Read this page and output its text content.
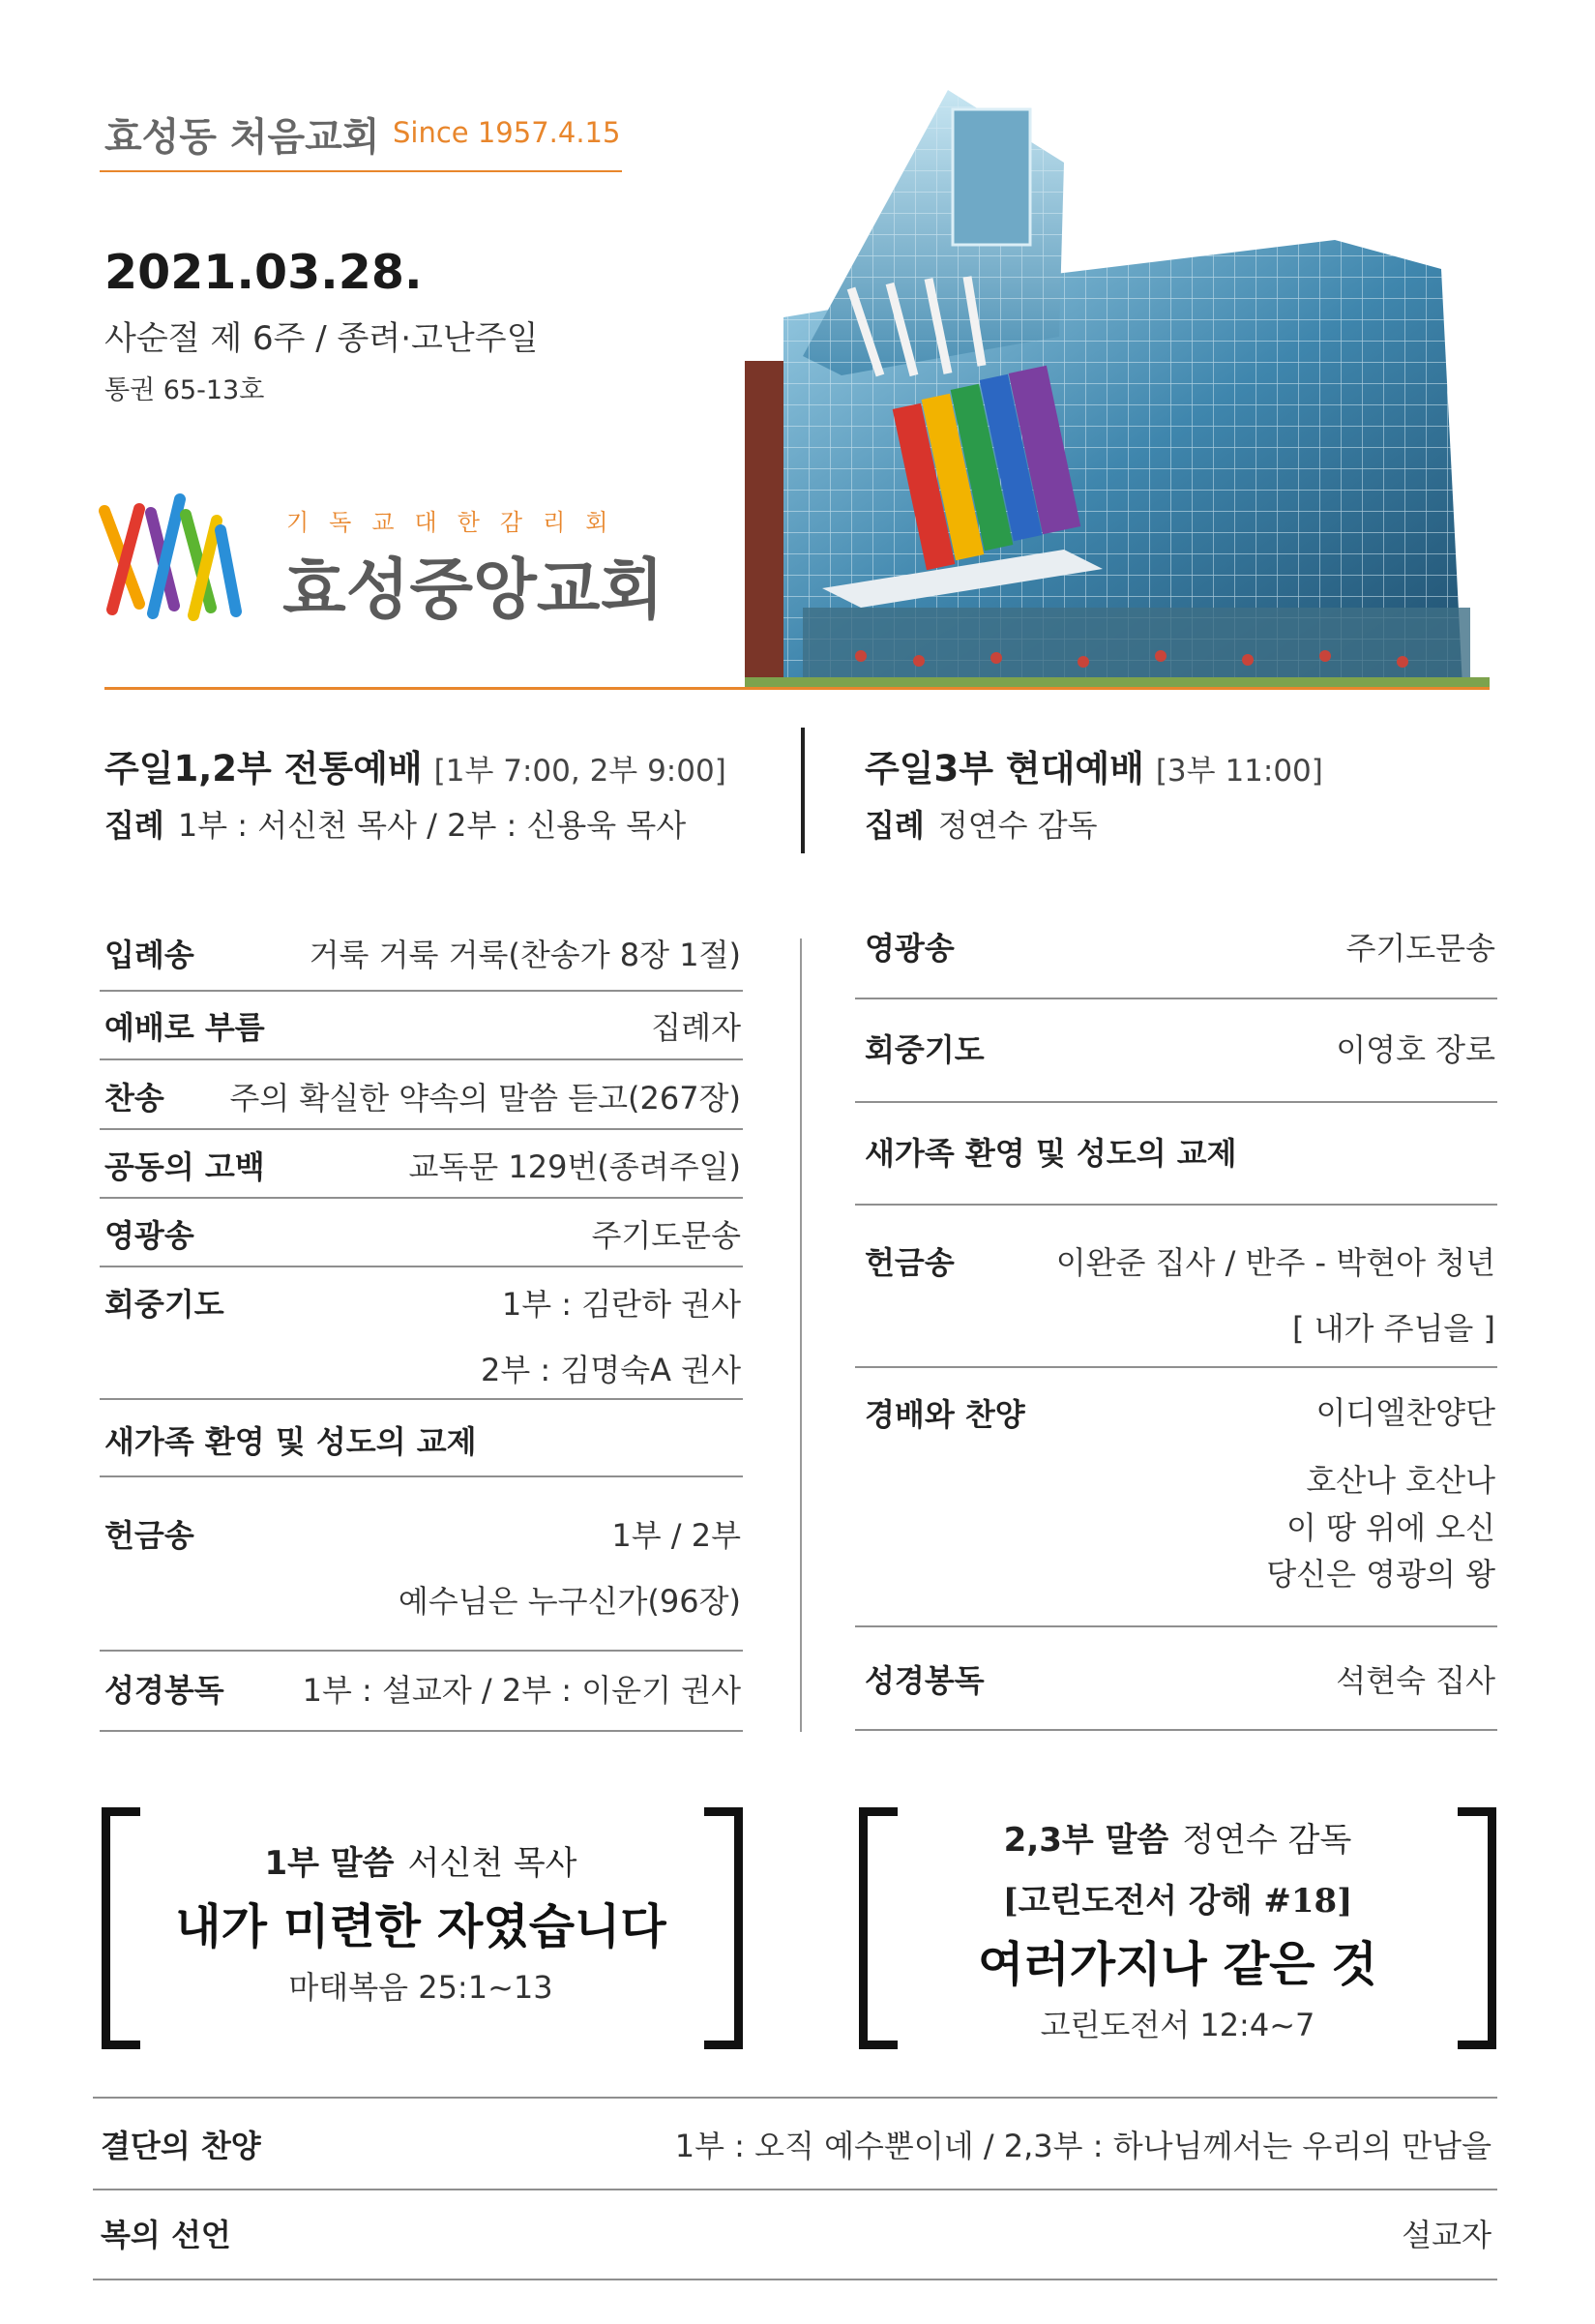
효성동 처음교회 Since 1957.4.15
2021.03.28.
사순절 제 6주 / 종려·고난주일
통권 65-13호
기독교대한감리회
효성중앙교회
주일1,2부 전통예배 [1부 7:00, 2부 9:00]
집례 1부 : 서신천 목사 / 2부 : 신용욱 목사
주일3부 현대예배 [3부 11:00]
집례 정연수 감독
입례송	거룩 거룩 거룩(찬송가 8장 1절)
예배로 부름	집례자
찬송 주의 확실한 약속의 말씀 듣고(267장)
공동의 고백	교독문 129번(종려주일)
영광송	주기도문송
회중기도	1부 : 김란하 권사
2부 : 김명숙A 권사
새가족 환영 및 성도의 교제
헌금송	1부 / 2부
예수님은 누구신가(96장)
성경봉독	1부 : 설교자 / 2부 : 이운기 권사
영광송	주기도문송
회중기도	이영호 장로
새가족 환영 및 성도의 교제
헌금송	이완준 집사 / 반주 - 박현아 청년
[ 내가 주님을 ]
경배와 찬양	이디엘찬양단
호산나 호산나
이 땅 위에 오신
당신은 영광의 왕
성경봉독	석현숙 집사
1부 말씀 서신천 목사
내가 미련한 자였습니다
마태복음 25:1~13
2,3부 말씀 정연수 감독
[고린도전서 강해 #18]
여러가지나 같은 것
고린도전서 12:4~7
결단의 찬양	1부 : 오직 예수뿐이네 / 2,3부 : 하나님께서는 우리의 만남을
복의 선언	설교자
